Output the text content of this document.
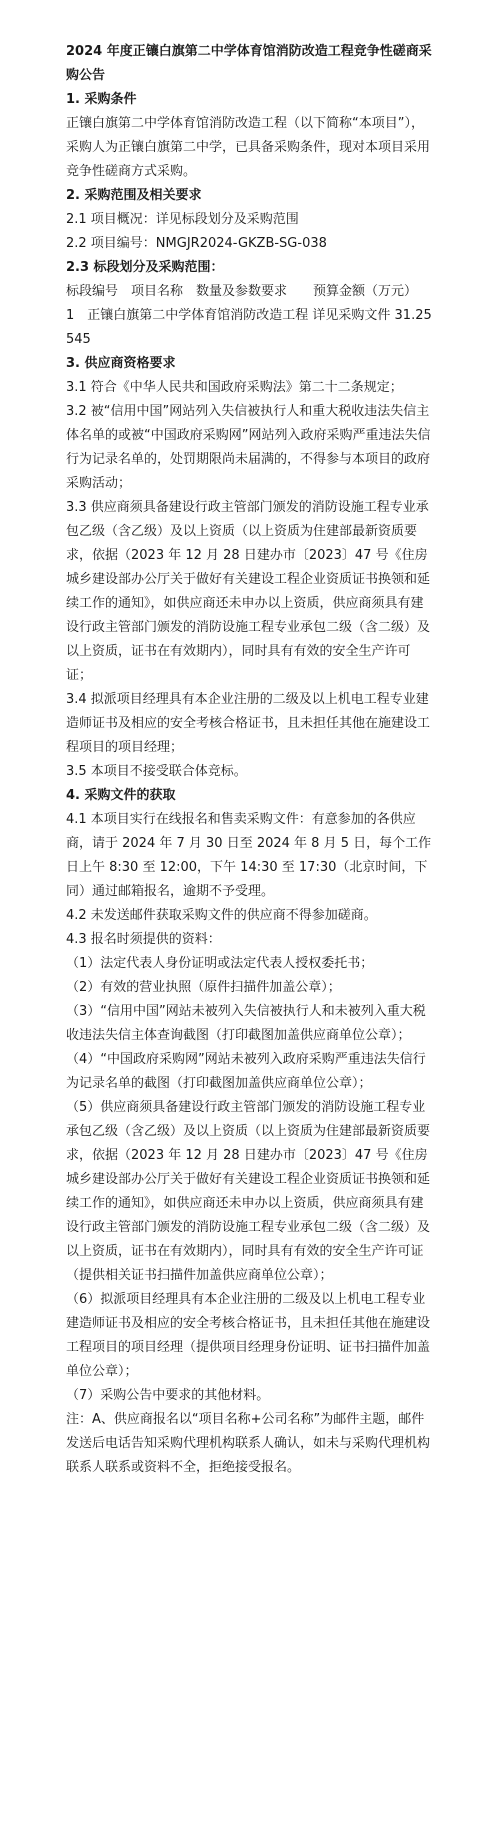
2024 年度正镶白旗第二中学体育馆消防改造工程竞争性磋商采购公告

1. 采购条件

正镶白旗第二中学体育馆消防改造工程（以下简称“本项目”），采购人为正镶白旗第二中学，已具备采购条件，现对本项目采用竞争性磋商方式采购。

2. 采购范围及相关要求

2.1 项目概况：详见标段划分及采购范围

2.2 项目编号：NMGJR2024-GKZB-SG-038

2.3 标段划分及采购范围：

标段编号　项目名称　数量及参数要求　　预算金额（万元）

1　正镶白旗第二中学体育馆消防改造工程 详见采购文件 31.25545

3. 供应商资格要求

3.1 符合《中华人民共和国政府采购法》第二十二条规定；

3.2 被“信用中国”网站列入失信被执行人和重大税收违法失信主体名单的或被“中国政府采购网”网站列入政府采购严重违法失信行为记录名单的，处罚期限尚未届满的，不得参与本项目的政府采购活动；

3.3 供应商须具备建设行政主管部门颁发的消防设施工程专业承包乙级（含乙级）及以上资质（以上资质为住建部最新资质要求，依据（2023 年 12 月 28 日建办市〔2023〕47 号《住房城乡建设部办公厅关于做好有关建设工程企业资质证书换领和延续工作的通知》，如供应商还未申办以上资质，供应商须具有建设行政主管部门颁发的消防设施工程专业承包二级（含二级）及以上资质，证书在有效期内），同时具有有效的安全生产许可证；

3.4 拟派项目经理具有本企业注册的二级及以上机电工程专业建造师证书及相应的安全考核合格证书，且未担任其他在施建设工程项目的项目经理；

3.5 本项目不接受联合体竞标。

4. 采购文件的获取

4.1 本项目实行在线报名和售卖采购文件：有意参加的各供应商，请于 2024 年 7 月 30 日至 2024 年 8 月 5 日，每个工作日上午 8:30 至 12:00，下午 14:30 至 17:30（北京时间，下同）通过邮箱报名，逾期不予受理。

4.2 未发送邮件获取采购文件的供应商不得参加磋商。

4.3 报名时须提供的资料：

（1）法定代表人身份证明或法定代表人授权委托书；

（2）有效的营业执照（原件扫描件加盖公章）；

（3）“信用中国”网站未被列入失信被执行人和未被列入重大税收违法失信主体查询截图（打印截图加盖供应商单位公章）；

（4）“中国政府采购网”网站未被列入政府采购严重违法失信行为记录名单的截图（打印截图加盖供应商单位公章）；

（5）供应商须具备建设行政主管部门颁发的消防设施工程专业承包乙级（含乙级）及以上资质（以上资质为住建部最新资质要求，依据（2023 年 12 月 28 日建办市〔2023〕47 号《住房城乡建设部办公厅关于做好有关建设工程企业资质证书换领和延续工作的通知》，如供应商还未申办以上资质，供应商须具有建设行政主管部门颁发的消防设施工程专业承包二级（含二级）及以上资质，证书在有效期内），同时具有有效的安全生产许可证（提供相关证书扫描件加盖供应商单位公章）；

（6）拟派项目经理具有本企业注册的二级及以上机电工程专业建造师证书及相应的安全考核合格证书，且未担任其他在施建设工程项目的项目经理（提供项目经理身份证明、证书扫描件加盖单位公章）；

（7）采购公告中要求的其他材料。

注：A、供应商报名以“项目名称+公司名称”为邮件主题，邮件发送后电话告知采购代理机构联系人确认，如未与采购代理机构联系人联系或资料不全，拒绝接受报名。
